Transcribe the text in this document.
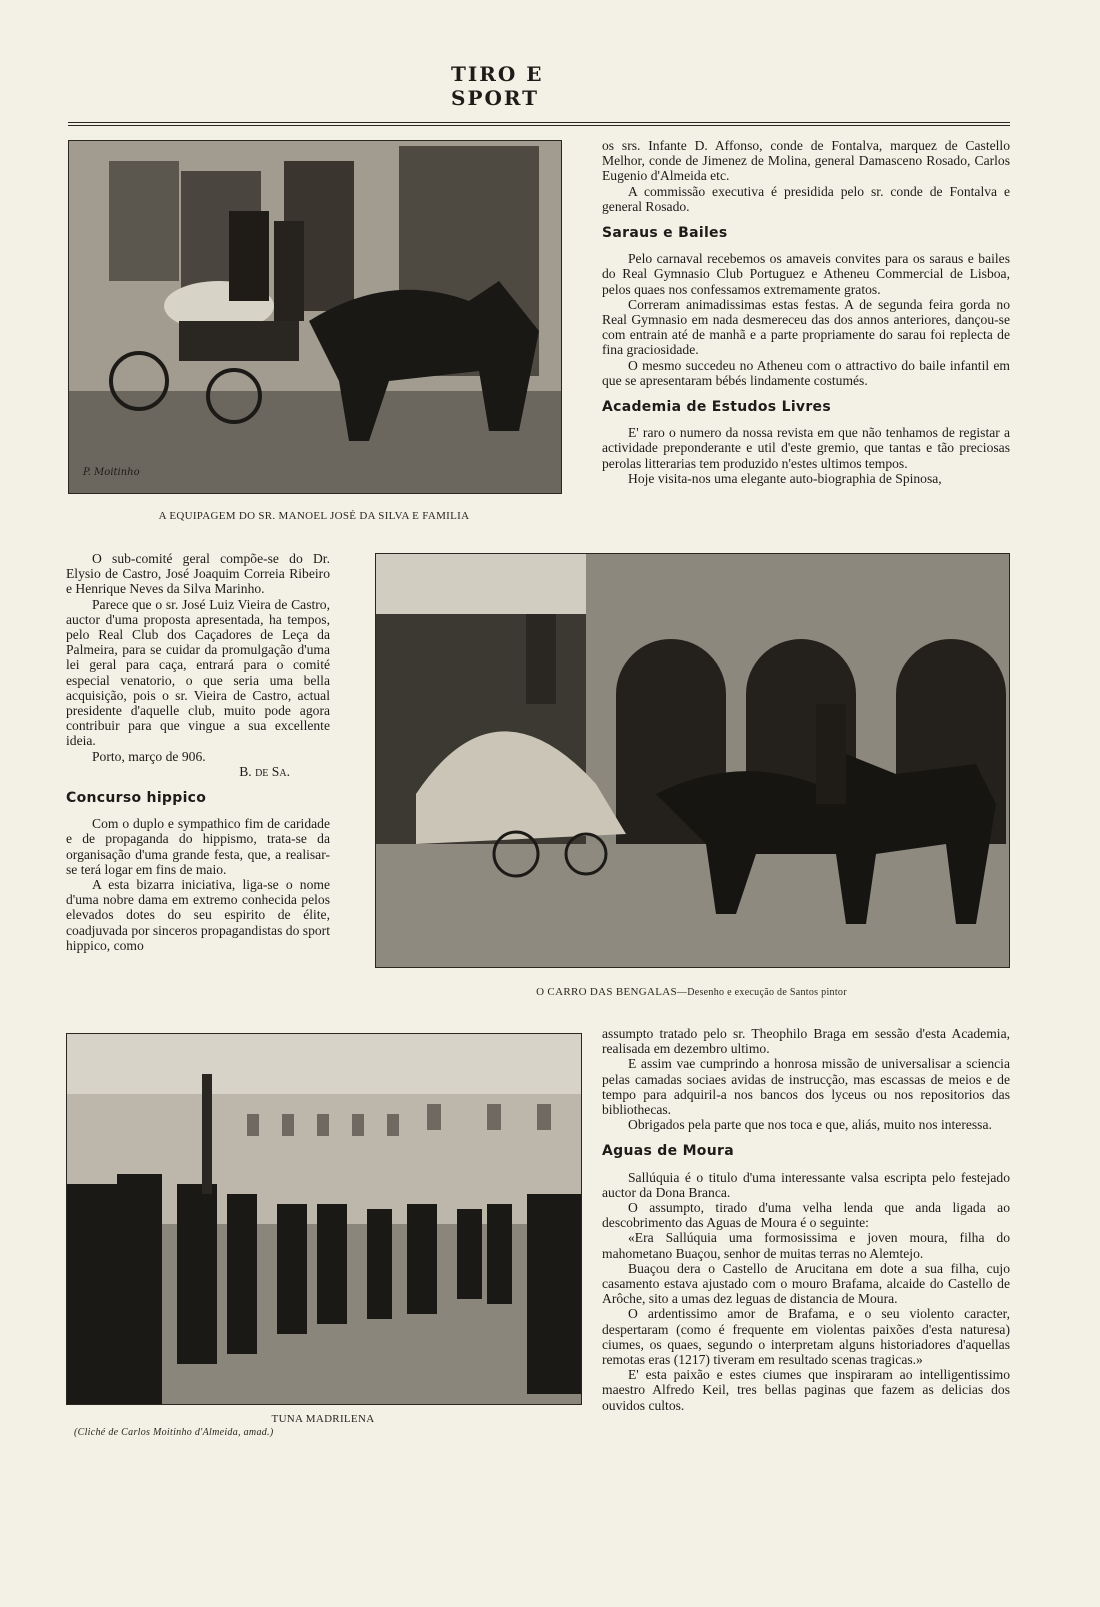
TIRO E SPORT
P. Moitinho
A EQUIPAGEM DO SR. MANOEL JOSÉ DA SILVA E FAMILIA

os srs. Infante D. Affonso, conde de Fontalva, marquez de Castello Melhor, conde de Jimenez de Molina, general Damasceno Rosado, Carlos Eugenio d'Almeida etc.

A commissão executiva é presidida pelo sr. conde de Fontalva e general Rosado.

Saraus e Bailes

Pelo carnaval recebemos os amaveis convites para os saraus e bailes do Real Gymnasio Club Portuguez e Atheneu Commercial de Lisboa, pelos quaes nos confessamos extremamente gratos.

Correram animadissimas estas festas. A de segunda feira gorda no Real Gymnasio em nada desmereceu das dos annos anteriores, dançou-se com entrain até de manhã e a parte propriamente do sarau foi replecta de fina graciosidade.

O mesmo succedeu no Atheneu com o attractivo do baile infantil em que se apresentaram bébés lindamente costumés.

Academia de Estudos Livres

E' raro o numero da nossa revista em que não tenhamos de registar a actividade preponderante e util d'este gremio, que tantas e tão preciosas perolas litterarias tem produzido n'estes ultimos tempos.

Hoje visita-nos uma elegante auto-biographia de Spinosa,

O sub-comité geral compõe-se do Dr. Elysio de Castro, José Joaquim Correia Ribeiro e Henrique Neves da Silva Marinho.

Parece que o sr. José Luiz Vieira de Castro, auctor d'uma proposta apresentada, ha tempos, pelo Real Club dos Caçadores de Leça da Palmeira, para se cuidar da promulgação d'uma lei geral para caça, entrará para o comité especial venatorio, o que seria uma bella acquisição, pois o sr. Vieira de Castro, actual presidente d'aquelle club, muito pode agora contribuir para que vingue a sua excellente ideia.

Porto, março de 906.

B. de Sa.

Concurso hippico

Com o duplo e sympathico fim de caridade e de propaganda do hippismo, trata-se da organisação d'uma grande festa, que, a realisar-se terá logar em fins de maio.

A esta bizarra iniciativa, liga-se o nome d'uma nobre dama em extremo conhecida pelos elevados dotes do seu espirito de élite, coadjuvada por sinceros propagandistas do sport hippico, como

O CARRO DAS BENGALAS—Desenho e execução de Santos pintor
TUNA MADRILENA
(Cliché de Carlos Moitinho d'Almeida, amad.)

assumpto tratado pelo sr. Theophilo Braga em sessão d'esta Academia, realisada em dezembro ultimo.

E assim vae cumprindo a honrosa missão de universalisar a sciencia pelas camadas sociaes avidas de instrucção, mas escassas de meios e de tempo para adquiril-a nos bancos dos lyceus ou nos repositorios das bibliothecas.

Obrigados pela parte que nos toca e que, aliás, muito nos interessa.

Aguas de Moura

Sallúquia é o titulo d'uma interessante valsa escripta pelo festejado auctor da Dona Branca.

O assumpto, tirado d'uma velha lenda que anda ligada ao descobrimento das Aguas de Moura é o seguinte:

«Era Sallúquia uma formosissima e joven moura, filha do mahometano Buaçou, senhor de muitas terras no Alemtejo.

Buaçou dera o Castello de Arucitana em dote a sua filha, cujo casamento estava ajustado com o mouro Brafama, alcaide do Castello de Arôche, sito a umas dez leguas de distancia de Moura.

O ardentissimo amor de Brafama, e o seu violento caracter, despertaram (como é frequente em violentas paixões d'esta naturesa) ciumes, os quaes, segundo o interpretam alguns historiadores d'aquellas remotas eras (1217) tiveram em resultado scenas tragicas.»

E' esta paixão e estes ciumes que inspiraram ao intelligentissimo maestro Alfredo Keil, tres bellas paginas que fazem as delicias dos ouvidos cultos.
